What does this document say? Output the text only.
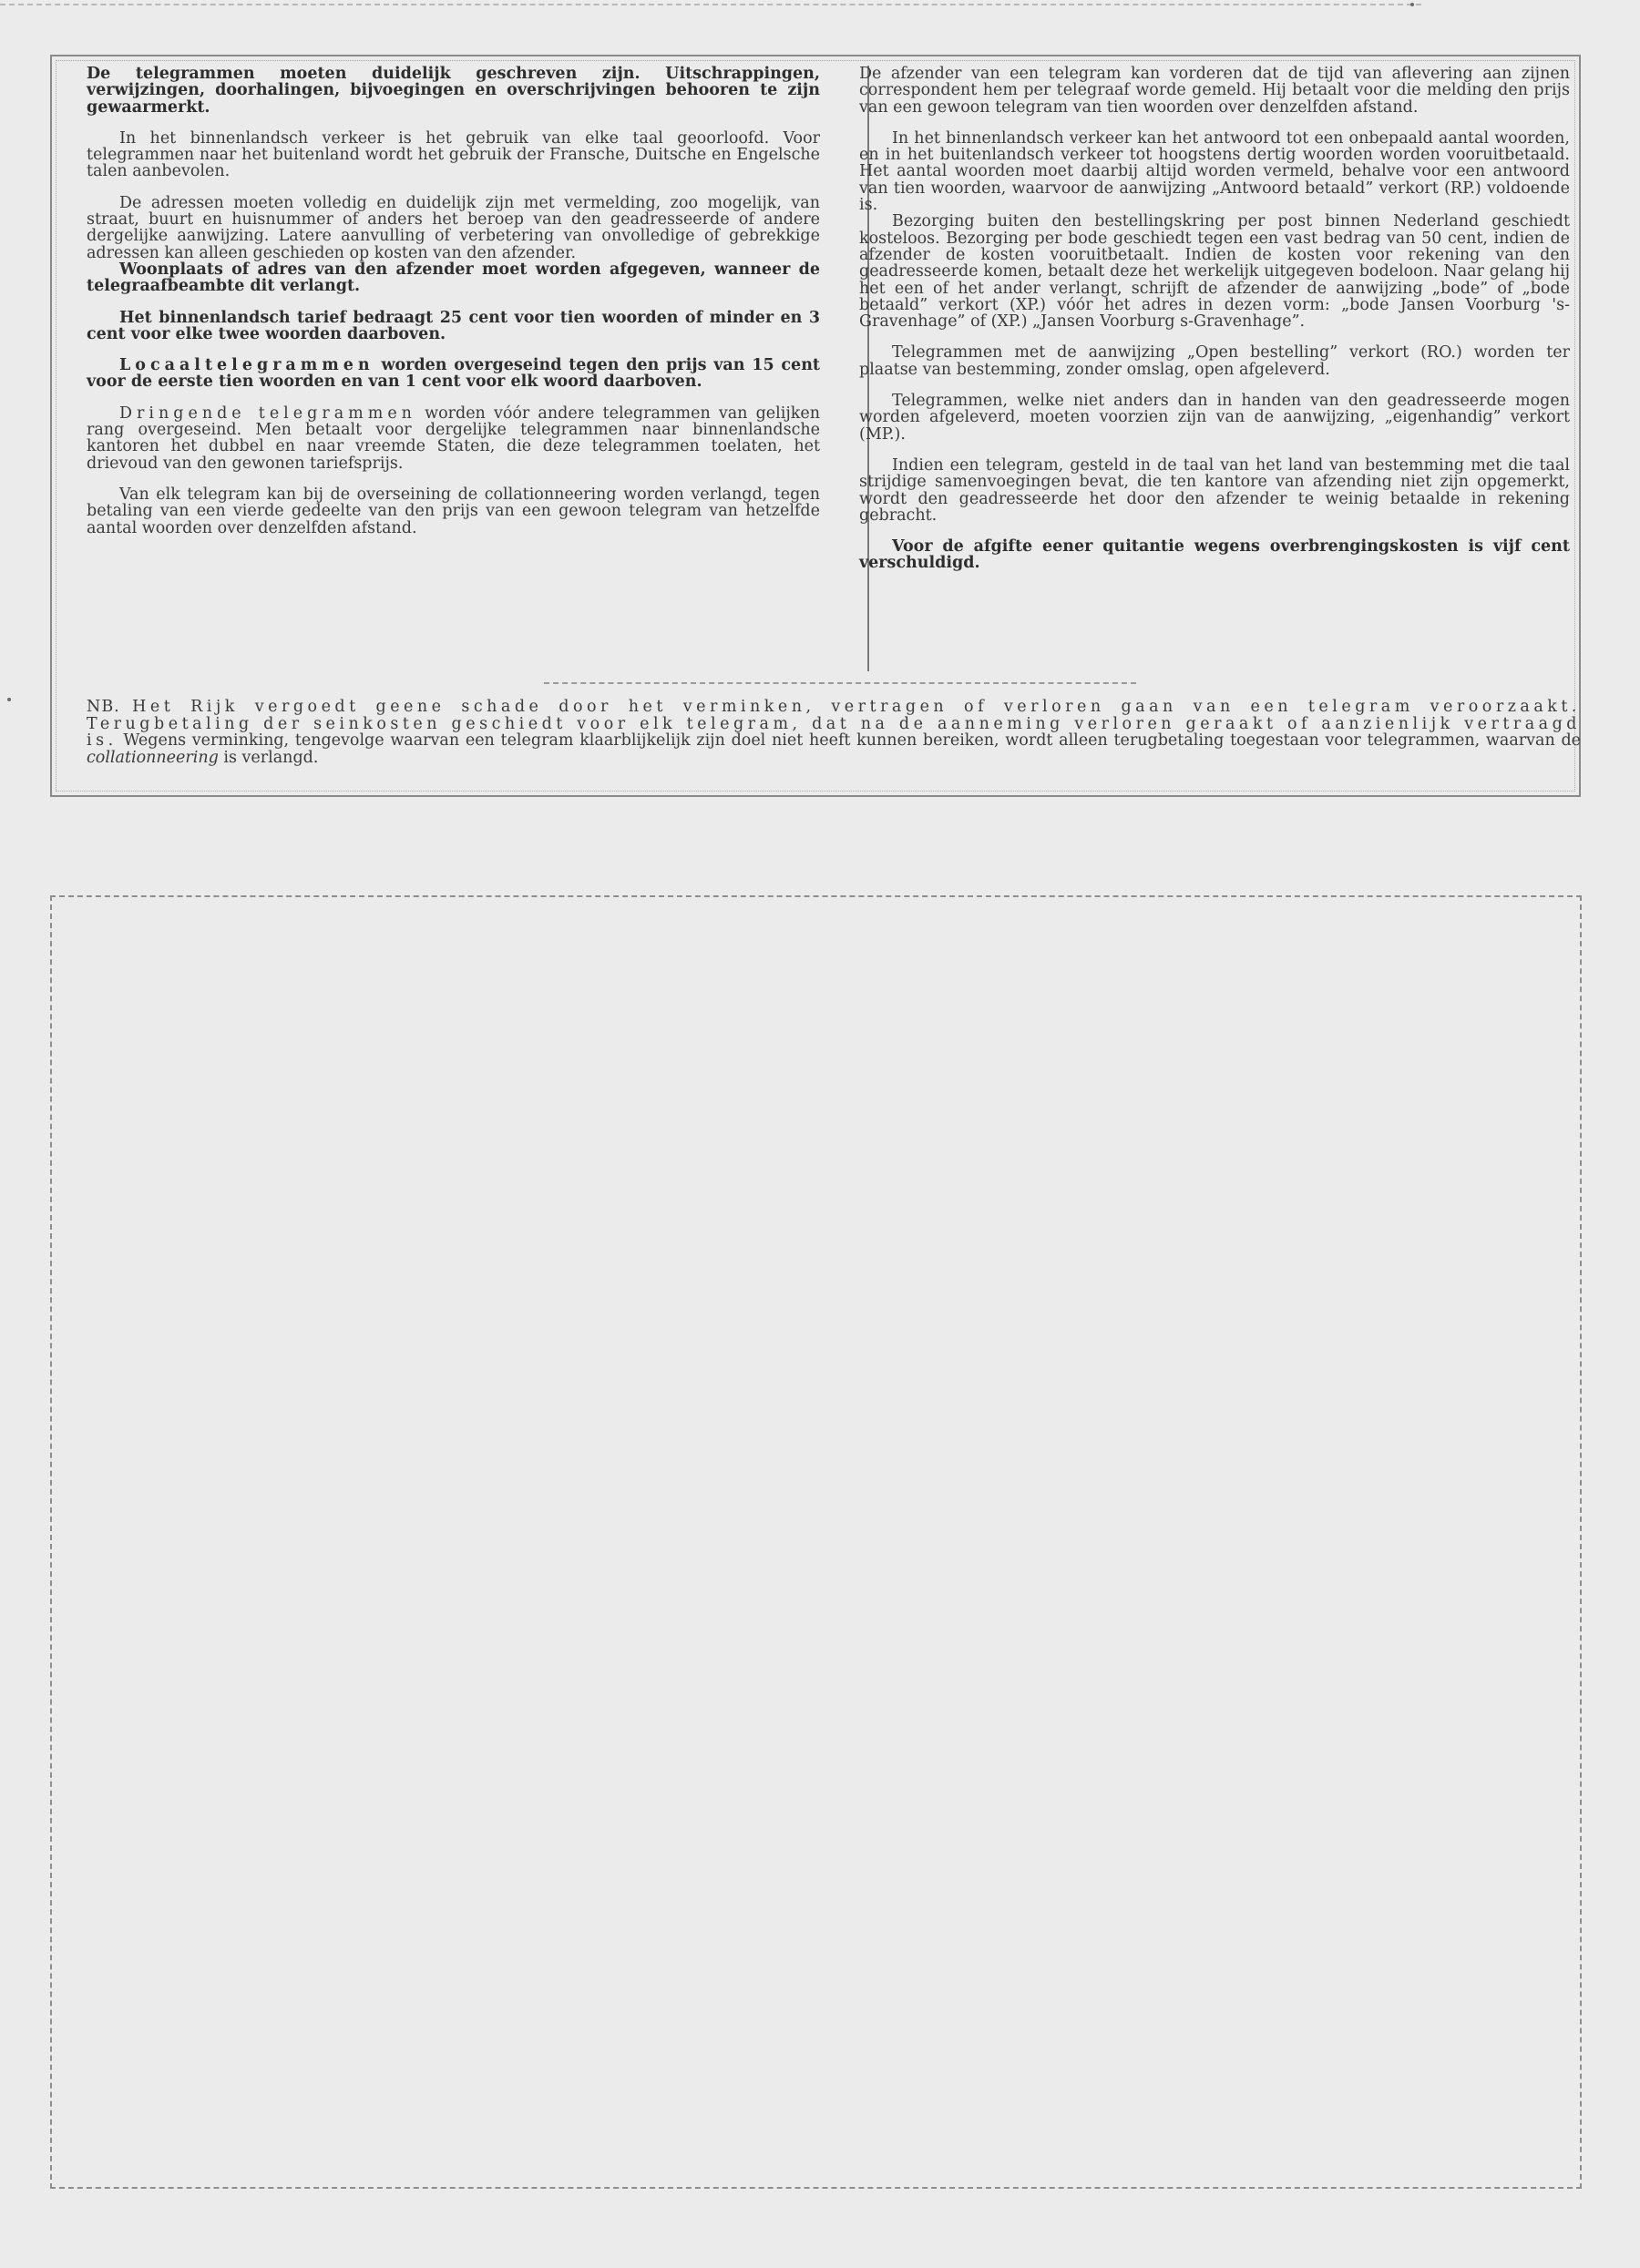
De telegrammen moeten duidelijk geschreven zijn. Uitschrappingen, verwijzingen, doorhalingen, bijvoegingen en overschrijvingen behooren te zijn gewaarmerkt.

In het binnenlandsch verkeer is het gebruik van elke taal geoorloofd. Voor telegrammen naar het buitenland wordt het gebruik der Fransche, Duitsche en Engelsche talen aanbevolen.

De adressen moeten volledig en duidelijk zijn met vermelding, zoo mogelijk, van straat, buurt en huisnummer of anders het beroep van den geadresseerde of andere dergelijke aanwijzing. Latere aanvulling of verbetering van onvolledige of gebrekkige adressen kan alleen geschieden op kosten van den afzender.

Woonplaats of adres van den afzender moet worden afgegeven, wanneer de telegraafbeambte dit verlangt.

Het binnenlandsch tarief bedraagt 25 cent voor tien woorden of minder en 3 cent voor elke twee woorden daarboven.

Locaaltelegrammen worden overgeseind tegen den prijs van 15 cent voor de eerste tien woorden en van 1 cent voor elk woord daarboven.

Dringende telegrammen worden vóór andere telegrammen van gelijken rang overgeseind. Men betaalt voor dergelijke telegrammen naar binnenlandsche kantoren het dubbel en naar vreemde Staten, die deze telegrammen toelaten, het drievoud van den gewonen tariefsprijs.

Van elk telegram kan bij de overseining de collationneering worden verlangd, tegen betaling van een vierde gedeelte van den prijs van een gewoon telegram van hetzelfde aantal woorden over denzelfden afstand.

De afzender van een telegram kan vorderen dat de tijd van aflevering aan zijnen correspondent hem per telegraaf worde gemeld. Hij betaalt voor die melding den prijs van een gewoon telegram van tien woorden over denzelfden afstand.

In het binnenlandsch verkeer kan het antwoord tot een onbepaald aantal woorden, en in het buitenlandsch verkeer tot hoogstens dertig woorden worden vooruitbetaald. Het aantal woorden moet daarbij altijd worden vermeld, behalve voor een antwoord van tien woorden, waarvoor de aanwijzing „Antwoord betaald” verkort (RP.) voldoende is.

Bezorging buiten den bestellingskring per post binnen Nederland geschiedt kosteloos. Bezorging per bode geschiedt tegen een vast bedrag van 50 cent, indien de afzender de kosten vooruitbetaalt. Indien de kosten voor rekening van den geadresseerde komen, betaalt deze het werkelijk uitgegeven bodeloon. Naar gelang hij het een of het ander verlangt, schrijft de afzender de aanwijzing „bode” of „bode betaald” verkort (XP.) vóór het adres in dezen vorm: „bode Jansen Voorburg 's-Gravenhage” of (XP.) „Jansen Voorburg s-Gravenhage”.

Telegrammen met de aanwijzing „Open bestelling” verkort (RO.) worden ter plaatse van bestemming, zonder omslag, open afgeleverd.

Telegrammen, welke niet anders dan in handen van den geadresseerde mogen worden afgeleverd, moeten voorzien zijn van de aanwijzing, „eigenhandig” verkort (MP.).

Indien een telegram, gesteld in de taal van het land van bestemming met die taal strijdige samenvoegingen bevat, die ten kantore van afzending niet zijn opgemerkt, wordt den geadresseerde het door den afzender te weinig betaalde in rekening gebracht.

Voor de afgifte eener quitantie wegens overbrengingskosten is vijf cent verschuldigd.

NB. Het Rijk vergoedt geene schade door het verminken, vertragen of verloren gaan van een telegram veroorzaakt. Terugbetaling der seinkosten geschiedt voor elk telegram, dat na de aanneming verloren geraakt of aanzienlijk vertraagd is. Wegens verminking, tengevolge waarvan een telegram klaarblijkelijk zijn doel niet heeft kunnen bereiken, wordt alleen terugbetaling toegestaan voor telegrammen, waarvan de collationneering is verlangd.
